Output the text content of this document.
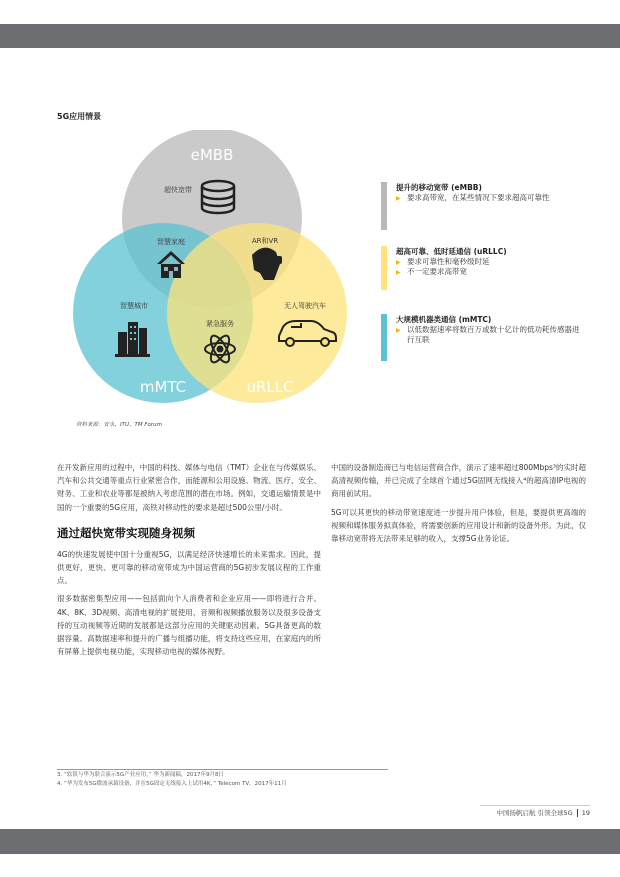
5G应用情景
eMBB
mMTC	uRLLC
超快宽带
智慧家庭	AR和VR
智慧城市
紧急服务
无人驾驶汽车
资料来源：安永、ITU、TM Forum
提升的移动宽带 (eMBB)
▶ 要求高带宽，在某些情况下要求超高可靠性
超高可靠、低时延通信 (uRLLC)
▶ 要求可靠性和毫秒级时延
▶ 不一定要求高带宽
大规模机器类通信 (mMTC)
▶ 以低数据速率将数百万或数十亿计的低功耗传感器进行互联

在开发新应用的过程中，中国的科技、媒体与电信（TMT）企业在与传媒娱乐、汽车和公共交通等重点行业紧密合作，而能源和公用设施、物流、医疗、安全、财务、工业和农业等都是被纳入考虑范围的潜在市场。例如，交通运输情景是中国的一个重要的5G应用，高铁对移动性的要求是超过500公里/小时。

通过超快宽带实现随身视频

4G的快速发展使中国十分重视5G，以满足经济快速增长的未来需求。因此，提供更好，更快、更可靠的移动宽带成为中国运营商的5G初步发展议程的工作重点。

很多数据密集型应用——包括面向个人消费者和企业应用——即将进行合并。4K、8K、3D视频、高清电视的扩展使用、音频和视频播放服务以及很多设备支持的互动视频等近期的发展都是这部分应用的关键驱动因素。5G具备更高的数据容量、高数据速率和提升的广播与组播功能，将支持这些应用，在家庭内的所有屏幕上提供电视功能，实现移动电视的媒体视野。

中国的设备制造商已与电信运营商合作，演示了速率超过800Mbps³的实时超高清视频传输，并已完成了全球首个通过5G固网无线接入⁴的超高清IP电视的商用前试用。

5G可以其更快的移动带宽速度进一步提升用户体验，但是，要提供更高端的视频和媒体服务拟真体验，将需要创新的应用设计和新的设备外形。为此，仅靠移动宽带将无法带来足够的收入，支撑5G业务论证。

3. “软银与华为联合演示5G产业应用，” 华为新闻稿，2017年9月8日
4. “华为发布5G微波承载设备，并在5G固定无线接入上试用4K，” Telecom TV，2017年11月
中国扬帆启航 引领全球5G 19
